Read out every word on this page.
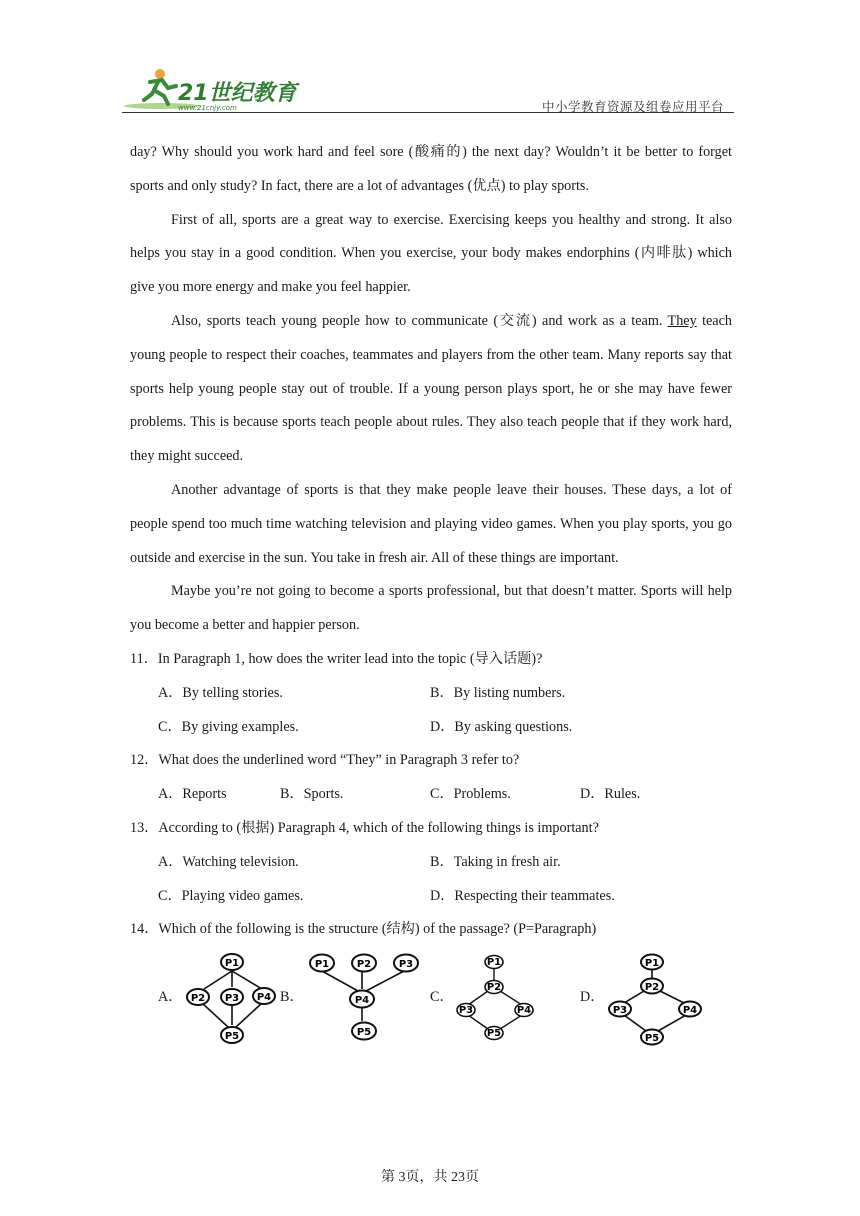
21世纪教育
www.21cnjy.com	中小学教育资源及组卷应用平台

day? Why should you work hard and feel sore (酸痛的) the next day? Wouldn’t it be better to forget sports and only study? In fact, there are a lot of advantages (优点) to play sports.

First of all, sports are a great way to exercise. Exercising keeps you healthy and strong. It also helps you stay in a good condition. When you exercise, your body makes endorphins (内啡肽) which give you more energy and make you feel happier.

Also, sports teach young people how to communicate (交流) and work as a team. They teach young people to respect their coaches, teammates and players from the other team. Many reports say that sports help young people stay out of trouble. If a young person plays sport, he or she may have fewer problems. This is because sports teach people about rules. They also teach people that if they work hard, they might succeed.

Another advantage of sports is that they make people leave their houses. These days, a lot of people spend too much time watching television and playing video games. When you play sports, you go outside and exercise in the sun. You take in fresh air. All of these things are important.

Maybe you’re not going to become a sports professional, but that doesn’t matter. Sports will help you become a better and happier person.

11．In Paragraph 1, how does the writer lead into the topic (导入话题)?
A．By telling stories.	B．By listing numbers.
C．By giving examples.	D．By asking questions.
12．What does the underlined word “They” in Paragraph 3 refer to?
A．Reports	B．Sports.	C．Problems.	D．Rules.
13．According to (根据) Paragraph 4, which of the following things is important?
A．Watching television.	B．Taking in fresh air.
C．Playing video games.	D．Respecting their teammates.
14．Which of the following is the structure (结构) of the passage? (P=Paragraph)
A．	B．	C．	D．
P1
P2 P3 P4
P5
P1	P2	P3
P4
P5
P1
P2
P3	P4
P5
P1
P2
P3	P4
P5
第 3页，共 23页
